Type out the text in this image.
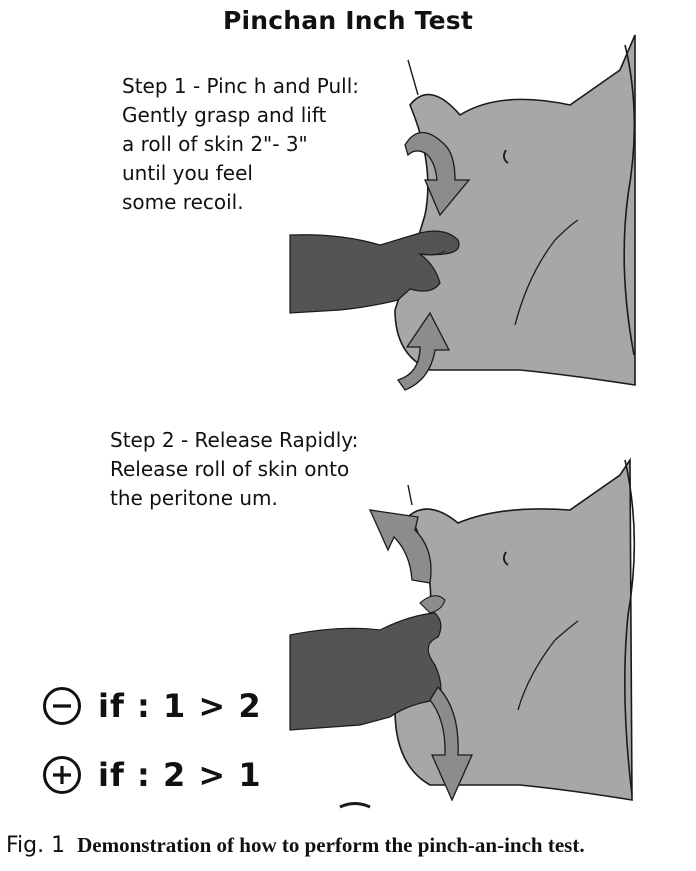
Pinchan Inch Test
Step 1 - Pinc h and Pull:
Gently grasp and lift
a roll of skin 2"- 3"
until you feel
some recoil.
Step 2 - Release Rapidly:
Release roll of skin onto
the peritone um.
if : 1 > 2
if : 2 > 1
Fig. 1 Demonstration of how to perform the pinch-an-inch test.
